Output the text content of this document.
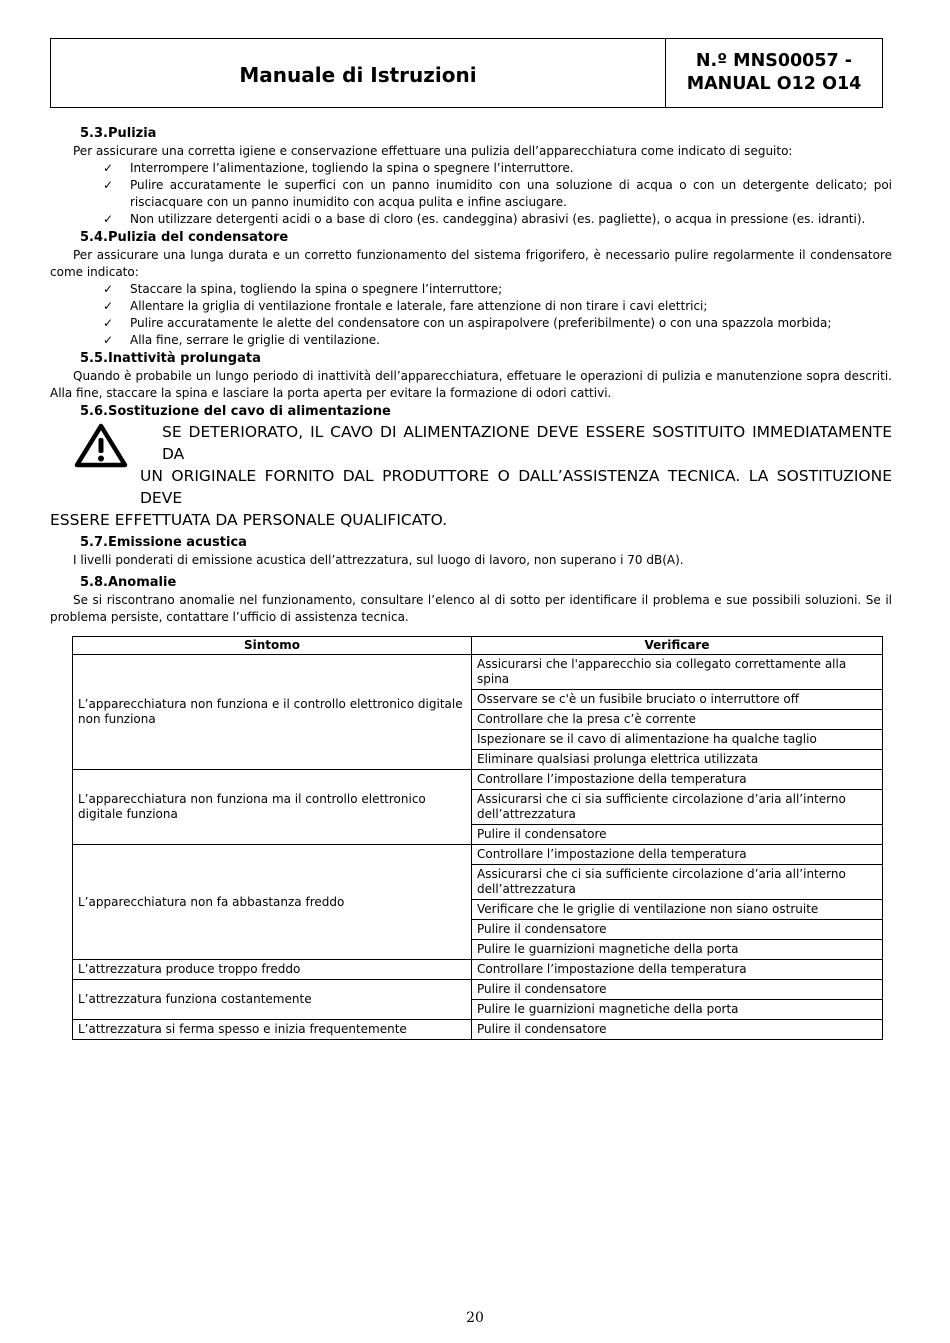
Manuale di Istruzioni
N.º MNS00057 -
MANUAL O12 O14
5.3.Pulizia

Per assicurare una corretta igiene e conservazione effettuare una pulizia dell’apparecchiatura come indicato di seguito:

✓	Interrompere l’alimentazione, togliendo la spina o spegnere l’interruttore.
✓	Pulire accuratamente le superfici con un panno inumidito con una soluzione di acqua o con un detergente delicato; poi risciacquare con un panno inumidito con acqua pulita e infine asciugare.
✓	Non utilizzare detergenti acidi o a base di cloro (es. candeggina) abrasivi (es. pagliette), o acqua in pressione (es. idranti).
5.4.Pulizia del condensatore

Per assicurare una lunga durata e un corretto funzionamento del sistema frigorifero, è necessario pulire regolarmente il condensatore come indicato:

✓	Staccare la spina, togliendo la spina o spegnere l’interruttore;
✓	Allentare la griglia di ventilazione frontale e laterale, fare attenzione di non tirare i cavi elettrici;
✓	Pulire accuratamente le alette del condensatore con un aspirapolvere (preferibilmente) o con una spazzola morbida;
✓	Alla fine, serrare le griglie di ventilazione.
5.5.Inattività prolungata

Quando è probabile un lungo periodo di inattività dell’apparecchiatura, effetuare le operazioni di pulizia e manutenzione sopra descriti. Alla fine, staccare la spina e lasciare la porta aperta per evitare la formazione di odori cattivi.

5.6.Sostituzione del cavo di alimentazione

SE DETERIORATO, IL CAVO DI ALIMENTAZIONE DEVE ESSERE SOSTITUITO IMMEDIATAMENTE DA

UN ORIGINALE FORNITO DAL PRODUTTORE O DALL’ASSISTENZA TECNICA. LA SOSTITUZIONE DEVE

ESSERE EFFETTUATA DA PERSONALE QUALIFICATO.

5.7.Emissione acustica

I livelli ponderati di emissione acustica dell’attrezzatura, sul luogo di lavoro, non superano i 70 dB(A).

5.8.Anomalie

Se si riscontrano anomalie nel funzionamento, consultare l’elenco al di sotto per identificare il problema e sue possibili soluzioni. Se il problema persiste, contattare l’ufficio di assistenza tecnica.

Sintomo	Verificare
L’apparecchiatura non funziona e il controllo elettronico digitale non funziona	Assicurarsi che l'apparecchio sia collegato correttamente alla spina
	Osservare se c'è un fusibile bruciato o interruttore off
	Controllare che la presa c’è corrente
	Ispezionare se il cavo di alimentazione ha qualche taglio
	Eliminare qualsiasi prolunga elettrica utilizzata
L’apparecchiatura non funziona ma il controllo elettronico digitale funziona	Controllare l’impostazione della temperatura
	Assicurarsi che ci sia sufficiente circolazione d’aria all’interno dell’attrezzatura
	Pulire il condensatore
L’apparecchiatura non fa abbastanza freddo	Controllare l’impostazione della temperatura
	Assicurarsi che ci sia sufficiente circolazione d’aria all’interno dell’attrezzatura
	Verificare che le griglie di ventilazione non siano ostruite
	Pulire il condensatore
	Pulire le guarnizioni magnetiche della porta
L’attrezzatura produce troppo freddo	Controllare l’impostazione della temperatura
L’attrezzatura funziona costantemente	Pulire il condensatore
	Pulire le guarnizioni magnetiche della porta
L’attrezzatura si ferma spesso e inizia frequentemente	Pulire il condensatore
20
